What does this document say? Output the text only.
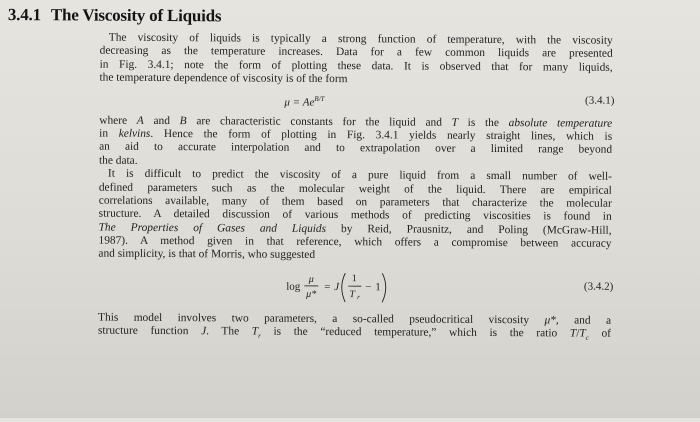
3.4.1 The Viscosity of Liquids
The viscosity of liquids is typically a strong function of temperature, with the viscosity
decreasing as the temperature increases. Data for a few common liquids are presented
in Fig. 3.4.1; note the form of plotting these data. It is observed that for many liquids,
the temperature dependence of viscosity is of the form
$\mu = Ae^{B/T}$	(3.4.1)
where A and B are characteristic constants for the liquid and T is the absolute temperature
in kelvins. Hence the form of plotting in Fig. 3.4.1 yields nearly straight lines, which is
an aid to accurate interpolation and to extrapolation over a limited range beyond
the data.
It is difficult to predict the viscosity of a pure liquid from a small number of well-
defined parameters such as the molecular weight of the liquid. There are empirical
correlations available, many of them based on parameters that characterize the molecular
structure. A detailed discussion of various methods of predicting viscosities is found in
The Properties of Gases and Liquids by Reid, Prausnitz, and Poling (McGraw-Hill,
1987). A method given in that reference, which offers a compromise between accuracy
and simplicity, is that of Morris, who suggested
log
μ
μ*
= J
1
T r
− 1	(3.4.2)
This model involves two parameters, a so-called pseudocritical viscosity μ*, and a
structure function J. The $T_r$ is the “reduced temperature,” which is the ratio $T/T_c$ of
